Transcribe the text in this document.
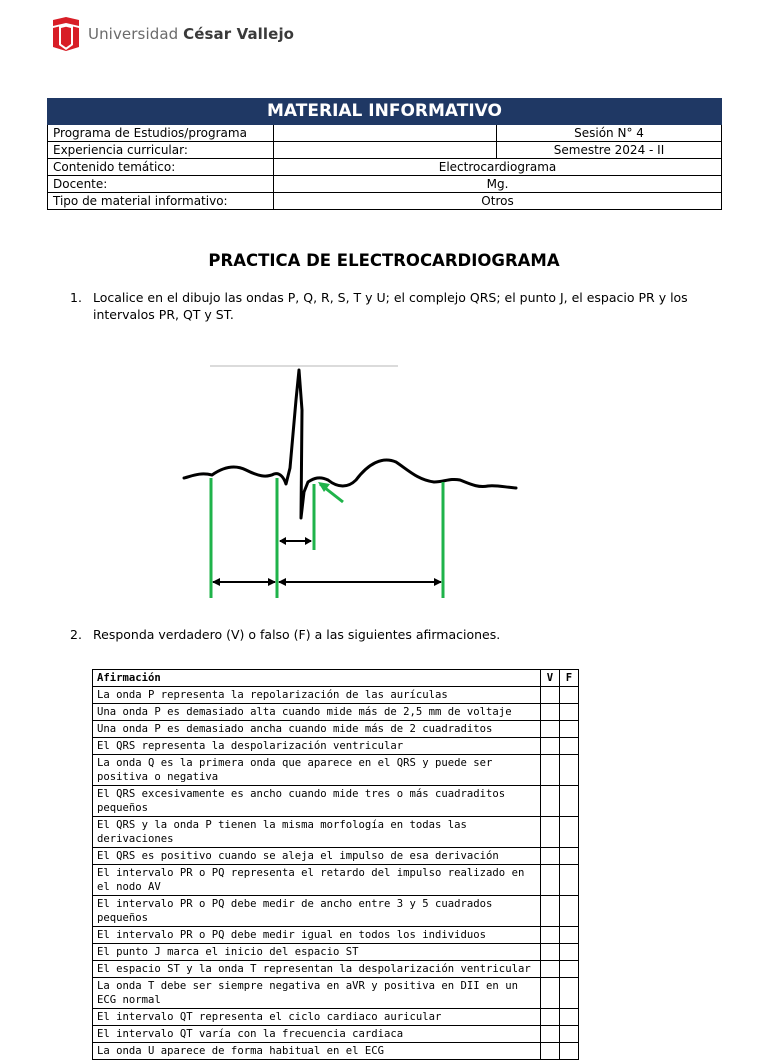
Universidad César Vallejo
MATERIAL INFORMATIVO		
Programa de Estudios/programa		Sesión N° 4
Experiencia curricular:		Semestre 2024 - II
Contenido temático:	Electrocardiograma	
Docente:	Mg.	
Tipo de material informativo:	Otros	
PRACTICA DE ELECTROCARDIOGRAMA
1. Localice en el dibujo las ondas P, Q, R, S, T y U; el complejo QRS; el punto J, el espacio PR y los intervalos PR, QT y ST.
2. Responda verdadero (V) o falso (F) a las siguientes afirmaciones.
Afirmación	V	F
La onda P representa la repolarización de las aurículas		
Una onda P es demasiado alta cuando mide más de 2,5 mm de voltaje		
Una onda P es demasiado ancha cuando mide más de 2 cuadraditos		
El QRS representa la despolarización ventricular		
La onda Q es la primera onda que aparece en el QRS y puede ser positiva o negativa		
El QRS excesivamente es ancho cuando mide tres o más cuadraditos pequeños		
El QRS y la onda P tienen la misma morfología en todas las derivaciones		
El QRS es positivo cuando se aleja el impulso de esa derivación		
El intervalo PR o PQ representa el retardo del impulso realizado en el nodo AV		
El intervalo PR o PQ debe medir de ancho entre 3 y 5 cuadrados pequeños		
El intervalo PR o PQ debe medir igual en todos los individuos		
El punto J marca el inicio del espacio ST		
El espacio ST y la onda T representan la despolarización ventricular		
La onda T debe ser siempre negativa en aVR y positiva en DII en un ECG normal		
El intervalo QT representa el ciclo cardiaco auricular		
El intervalo QT varía con la frecuencia cardiaca		
La onda U aparece de forma habitual en el ECG		
